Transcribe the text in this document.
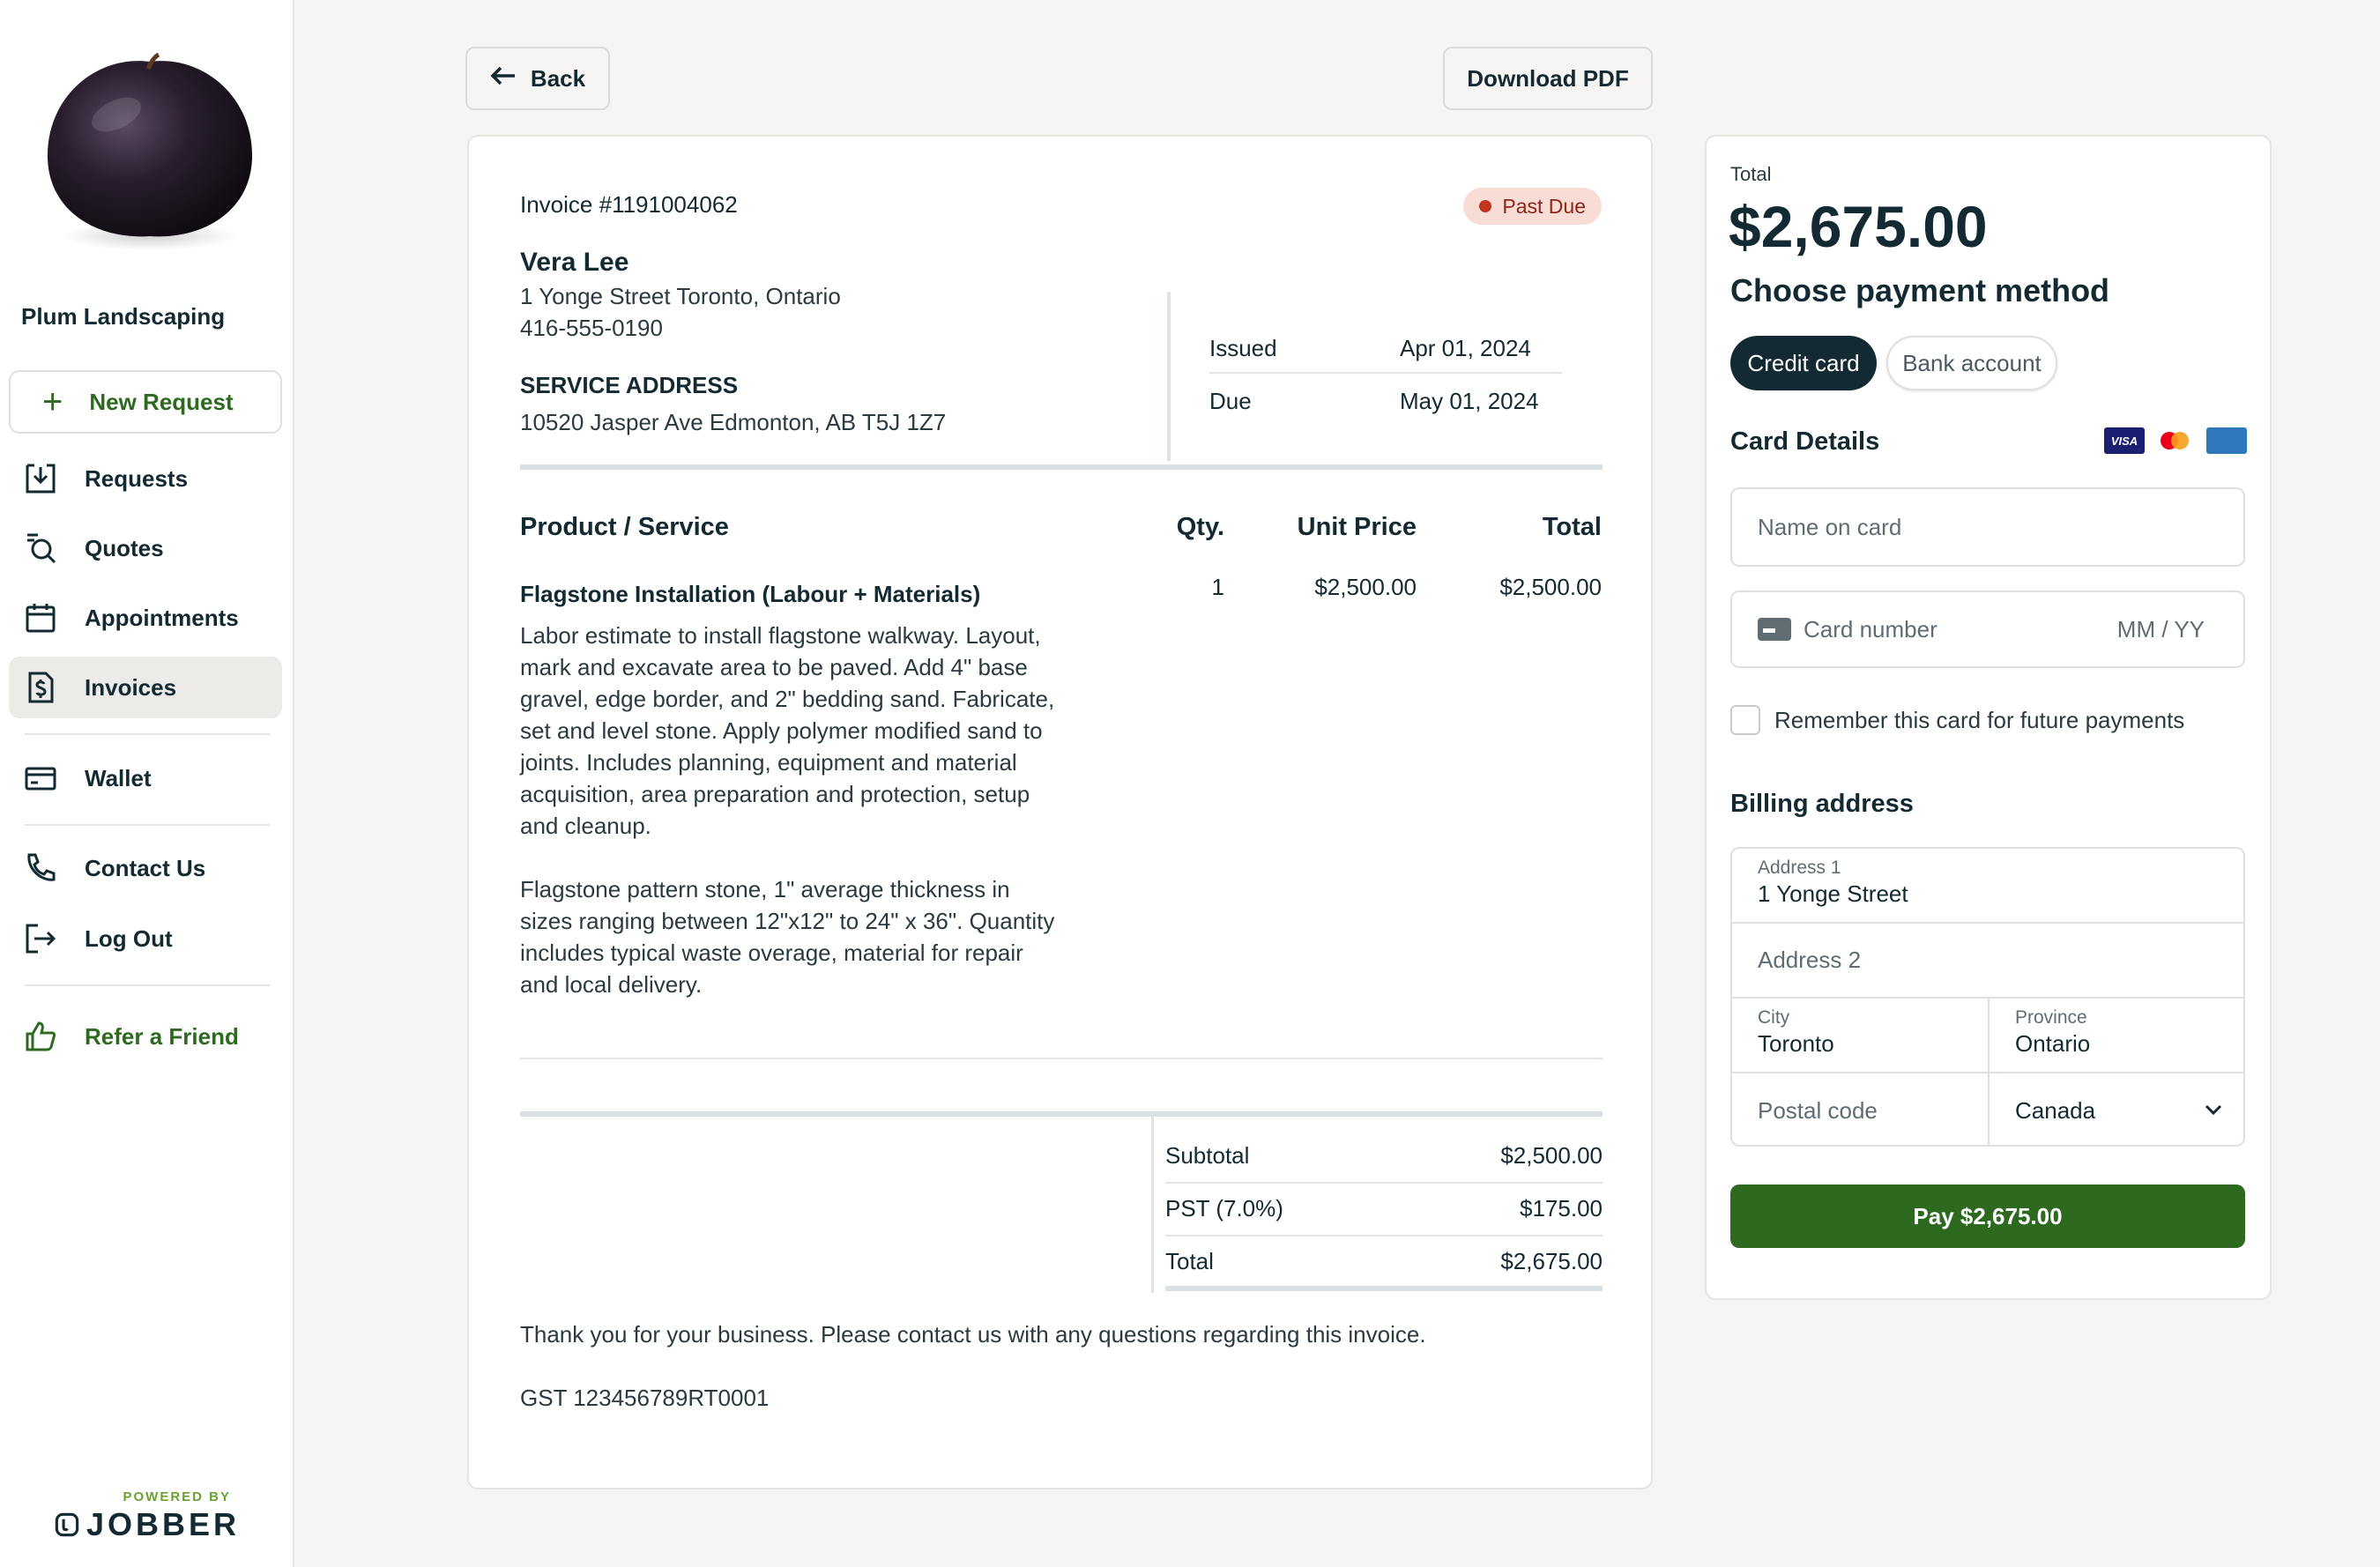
Plum Landscaping
+ New Request
Requests
Quotes
Appointments
Invoices
Wallet
Contact Us
Log Out
Refer a Friend
POWERED BY
JOBBER
Back	Download PDF
Invoice #1191004062	Past Due
Vera Lee
1 Yonge Street Toronto, Ontario
416-555-0190
SERVICE ADDRESS
10520 Jasper Ave Edmonton, AB T5J 1Z7
Issued	Apr 01, 2024
Due	May 01, 2024
Product / Service	Qty.	Unit Price	Total
Flagstone Installation (Labour + Materials)
Labor estimate to install flagstone walkway. Layout, mark and excavate area to be paved. Add 4" base gravel, edge border, and 2" bedding sand. Fabricate, set and level stone. Apply polymer modified sand to joints. Includes planning, equipment and material acquisition, area preparation and protection, setup and cleanup.
Flagstone pattern stone, 1" average thickness in sizes ranging between 12"x12" to 24" x 36". Quantity includes typical waste overage, material for repair and local delivery.
1	$2,500.00	$2,500.00
Subtotal	$2,500.00
PST (7.0%)	$175.00
Total	$2,675.00
Thank you for your business. Please contact us with any questions regarding this invoice.
GST 123456789RT0001
Total
$2,675.00
Choose payment method
Credit card	Bank account
Card Details	VISA
Name on card
Card number	MM / YY
Remember this card for future payments
Billing address
Address 1
1 Yonge Street
Address 2
City
Toronto
Province
Ontario
Postal code	Canada
Pay $2,675.00
